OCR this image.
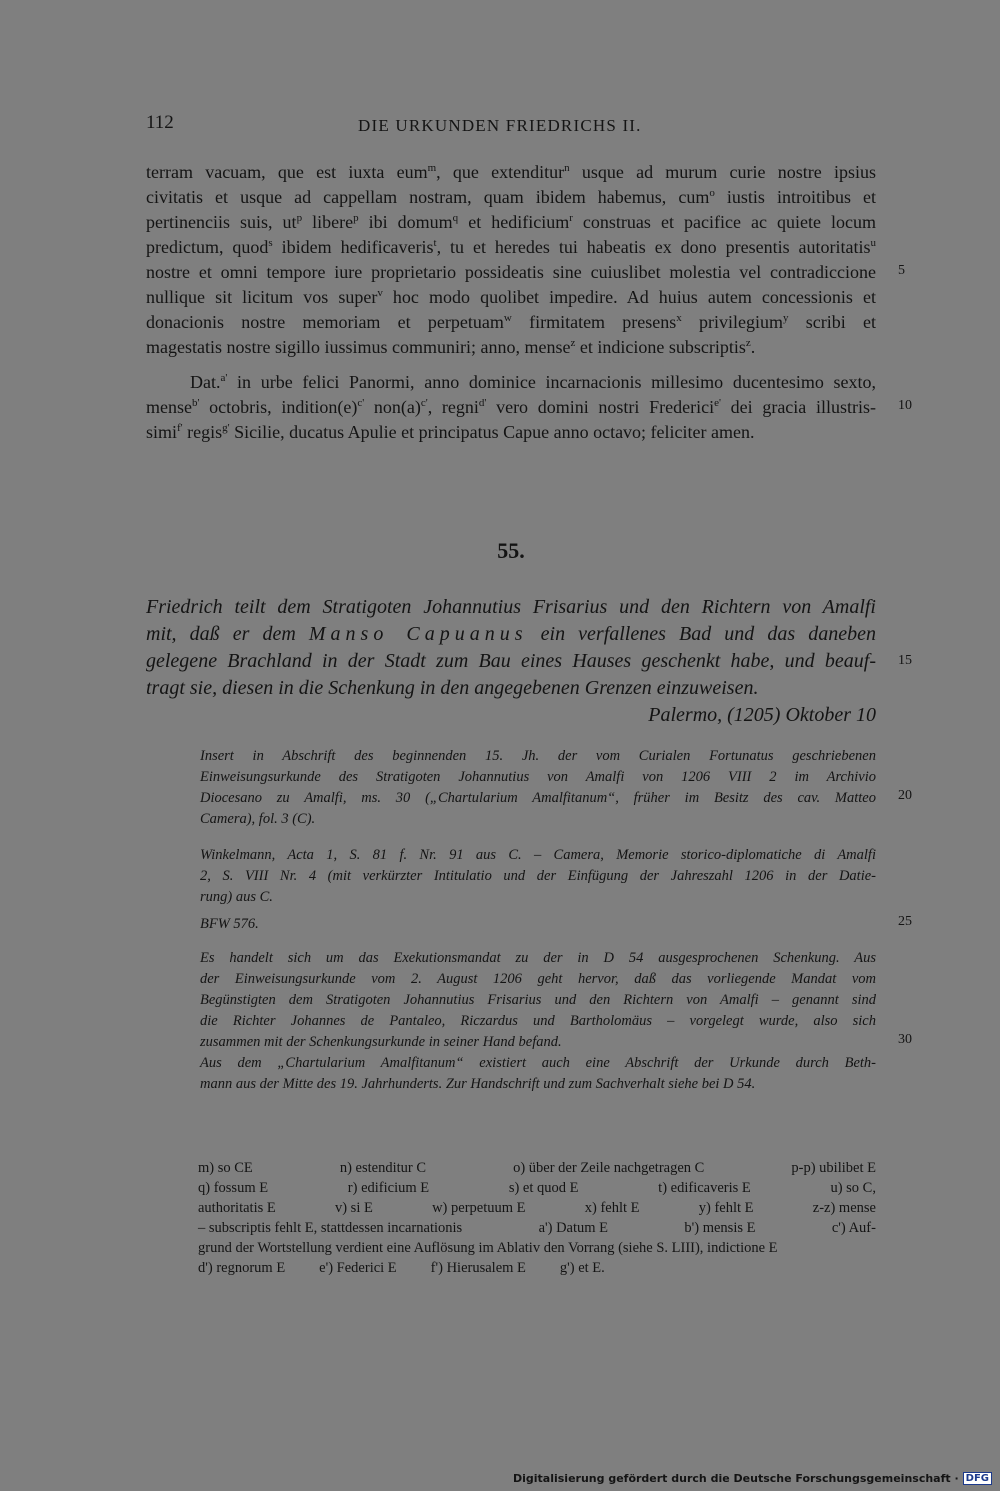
112	DIE URKUNDEN FRIEDRICHS II.
terram vacuam, que est iuxta eum$^m$, que extenditur$^n$ usque ad murum curie nostre ipsius
civitatis et usque ad cappellam nostram, quam ibidem habemus, cum$^o$ iustis introitibus et
pertinenciis suis, $ut^p$ libere$^p$ ibi domum$^q$ et hedificium$^r$ construas et pacifice ac quiete locum
predictum, quod$^s$ ibidem hedificaveris$^t$, tu et heredes tui habeatis ex dono presentis autoritatis$^u$
nostre et omni tempore iure proprietario possideatis sine cuiuslibet molestia vel contradiccione
nullique sit licitum vos super$^v$ hoc modo quolibet impedire. Ad huius autem concessionis et
donacionis nostre memoriam et perpetuam$^w$ firmitatem presens$^x$ privilegium$^y$ scribi et
magestatis nostre sigillo iussimus communiri; anno, mense$^z$ et indicione subscriptis$^z$.
Dat.$^{a'}$ in urbe felici Panormi, anno dominice incarnacionis millesimo ducentesimo sexto,
mense$^{b'}$ octobris, $indition(e)^{c'}$ $non(a)^{c'}$, regni$^{d'}$ vero domini nostri Frederici$^{e'}$ dei gracia illustris-
simi$^{f'}$ regis$^{g'}$ Sicilie, ducatus Apulie et principatus Capue anno octavo; feliciter amen.
55.
Friedrich teilt dem Stratigoten Johannutius Frisarius und den Richtern von Amalfi
mit, daß er dem Manso Capuanus ein verfallenes Bad und das daneben
gelegene Brachland in der Stadt zum Bau eines Hauses geschenkt habe, und beauf-
tragt sie, diesen in die Schenkung in den angegebenen Grenzen einzuweisen.
Palermo, (1205) Oktober 10
Insert in Abschrift des beginnenden 15. Jh. der vom Curialen Fortunatus geschriebenen
Einweisungsurkunde des Stratigoten Johannutius von Amalfi von 1206 VIII 2 im Archivio
Diocesano zu Amalfi, ms. 30 („Chartularium Amalfitanum“, früher im Besitz des cav. Matteo
Camera), fol. 3 (C).
Winkelmann, Acta 1, S. 81 f. Nr. 91 aus C. – Camera, Memorie storico-diplomatiche di Amalfi
2, S. VIII Nr. 4 (mit verkürzter Intitulatio und der Einfügung der Jahreszahl 1206 in der Datie-
rung) aus C.
BFW 576.
Es handelt sich um das Exekutionsmandat zu der in D 54 ausgesprochenen Schenkung. Aus
der Einweisungsurkunde vom 2. August 1206 geht hervor, daß das vorliegende Mandat vom
Begünstigten dem Stratigoten Johannutius Frisarius und den Richtern von Amalfi – genannt sind
die Richter Johannes de Pantaleo, Riczardus und Bartholomäus – vorgelegt wurde, also sich
zusammen mit der Schenkungsurkunde in seiner Hand befand.
Aus dem „Chartularium Amalfitanum“ existiert auch eine Abschrift der Urkunde durch Beth-
mann aus der Mitte des 19. Jahrhunderts. Zur Handschrift und zum Sachverhalt siehe bei D 54.
m) so CE	n) estenditur C	o) über der Zeile nachgetragen C	p-p) ubilibet E
q) fossum E	r) edificium E	s) et quod E	t) edificaveris E	u) so C,
authoritatis E	v) si E	w) perpetuum E	x) fehlt E	y) fehlt E	z-z) mense
– subscriptis fehlt E, stattdessen incarnationis	a') Datum E	b') mensis E	c') Auf-
grund der Wortstellung verdient eine Auflösung im Ablativ den Vorrang (siehe S. LIII), indictione E
d') regnorum E e') Federici E f') Hierusalem E g') et E.
Digitalisierung gefördert durch die Deutsche Forschungsgemeinschaft · DFG
5
10
15
20
25
30
